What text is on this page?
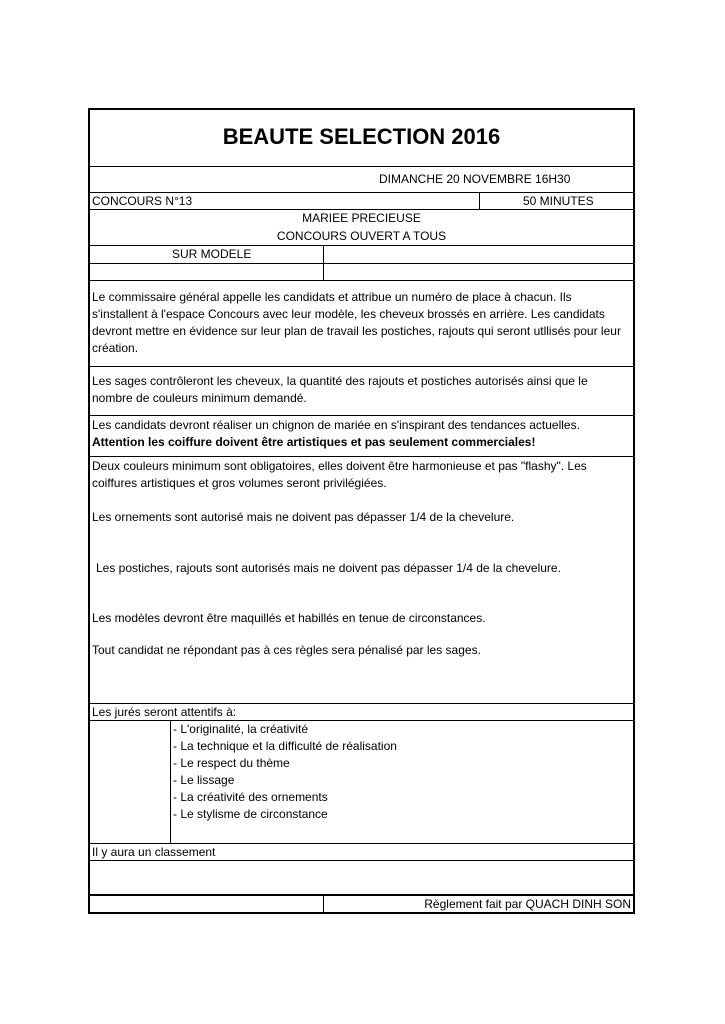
BEAUTE SELECTION 2016
DIMANCHE 20 NOVEMBRE 16H30
CONCOURS N°13	50 MINUTES
MARIEE PRECIEUSE
CONCOURS OUVERT A TOUS
SUR MODELE
Le commissaire général appelle les candidats et attribue un numéro de place à chacun. Ils s'installent à l'espace Concours avec leur modèle, les cheveux brossés en arrière. Les candidats devront mettre en évidence sur leur plan de travail les postiches, rajouts qui seront utllisés pour leur création.
Les sages contrôleront les cheveux, la quantité des rajouts et postiches autorisés ainsi que le nombre de couleurs minimum demandé.

Les candidats devront réaliser un chignon de mariée en s'inspirant des tendances actuelles.

Attention les coiffure doivent être artistiques et pas seulement commerciales!

Deux couleurs minimum sont obligatoires, elles doivent être harmonieuse et pas "flashy". Les coiffures artistiques et gros volumes seront privilégiées.
Les ornements sont autorisé mais ne doivent pas dépasser 1/4 de la chevelure.
Les postiches, rajouts sont autorisés mais ne doivent pas dépasser 1/4 de la chevelure.
Les modèles devront être maquillés et habillés en tenue de circonstances.
Tout candidat ne répondant pas à ces règles sera pénalisé par les sages.
Les jurés seront attentifs à:
- L'originalité, la créativité
- La technique et la difficulté de réalisation
- Le respect du thème
- Le lissage
- La créativité des ornements
- Le stylisme de circonstance
Il y aura un classement
Règlement fait par QUACH DINH SON
